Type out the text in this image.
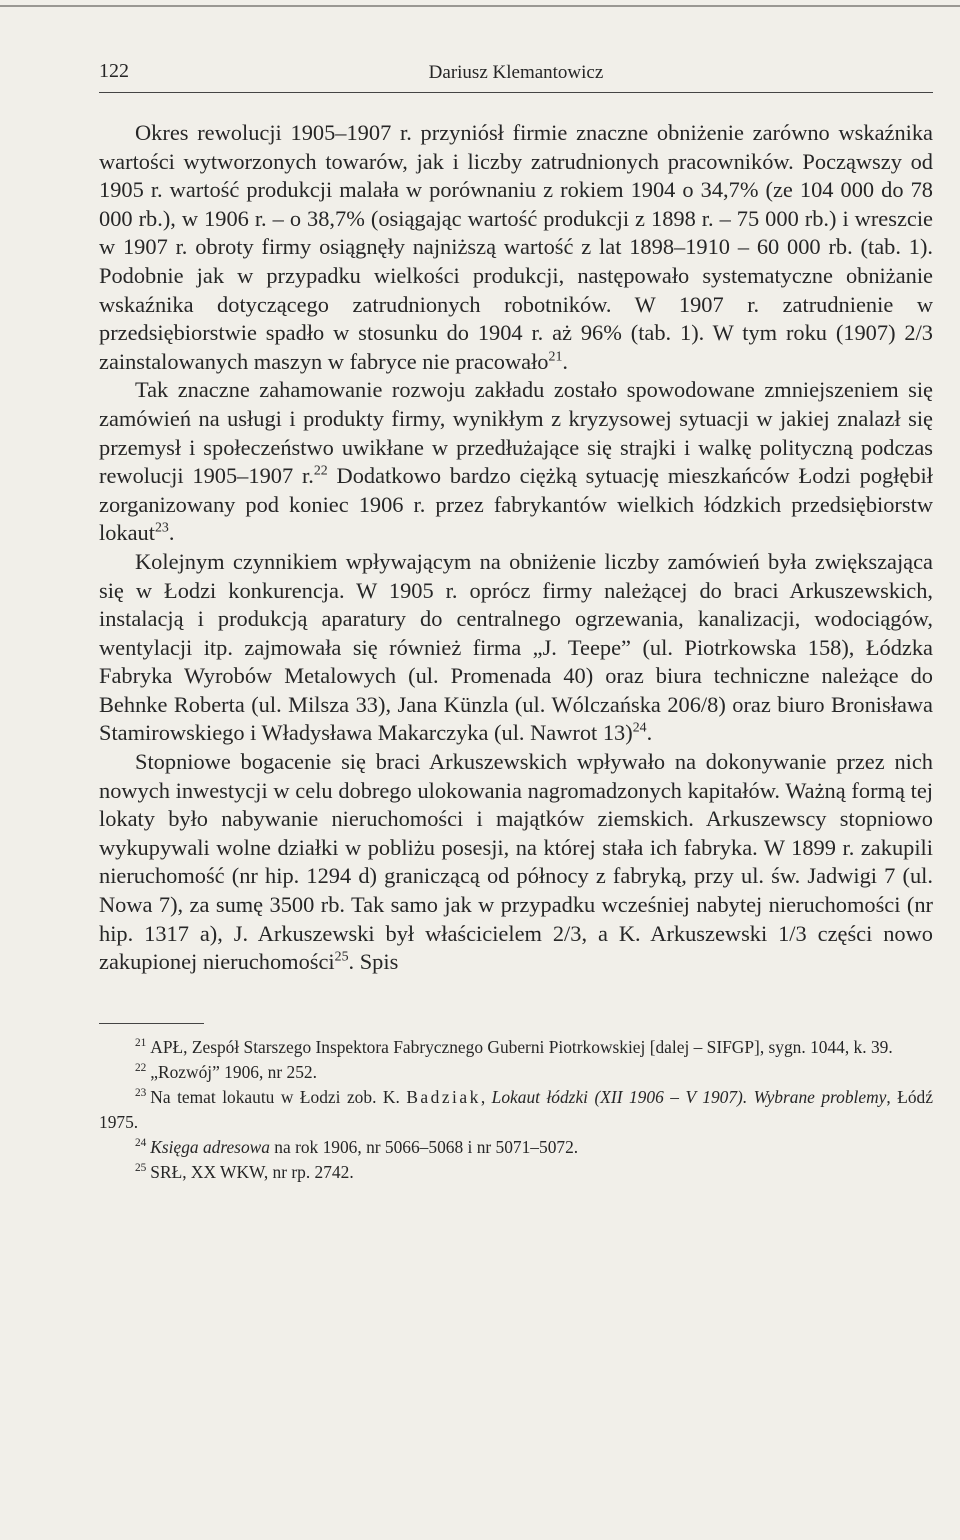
122	Dariusz Klemantowicz

Okres rewolucji 1905–1907 r. przyniósł firmie znaczne obniżenie zarówno wskaźnika wartości wytworzonych towarów, jak i liczby zatrudnionych pracowników. Począwszy od 1905 r. wartość produkcji malała w porównaniu z rokiem 1904 o 34,7% (ze 104 000 do 78 000 rb.), w 1906 r. – o 38,7% (osiągając wartość produkcji z 1898 r. – 75 000 rb.) i wreszcie w 1907 r. obroty firmy osiągnęły najniższą wartość z lat 1898–1910 – 60 000 rb. (tab. 1). Podobnie jak w przypadku wielkości produkcji, następowało systematyczne obniżanie wskaźnika dotyczącego zatrudnionych robotników. W 1907 r. zatrudnienie w przedsiębiorstwie spadło w stosunku do 1904 r. aż 96% (tab. 1). W tym roku (1907) 2/3 zainstalowanych maszyn w fabryce nie pracowało$^{21}$.

Tak znaczne zahamowanie rozwoju zakładu zostało spowodowane zmniejszeniem się zamówień na usługi i produkty firmy, wynikłym z kryzysowej sytuacji w jakiej znalazł się przemysł i społeczeństwo uwikłane w przedłużające się strajki i walkę polityczną podczas rewolucji 1905–1907 r.$^{22}$ Dodatkowo bardzo ciężką sytuację mieszkańców Łodzi pogłębił zorganizowany pod koniec 1906 r. przez fabrykantów wielkich łódzkich przedsiębiorstw lokaut$^{23}$.

Kolejnym czynnikiem wpływającym na obniżenie liczby zamówień była zwiększająca się w Łodzi konkurencja. W 1905 r. oprócz firmy należącej do braci Arkuszewskich, instalacją i produkcją aparatury do centralnego ogrzewania, kanalizacji, wodociągów, wentylacji itp. zajmowała się również firma „J. Teepe” (ul. Piotrkowska 158), Łódzka Fabryka Wyrobów Metalowych (ul. Promenada 40) oraz biura techniczne należące do Behnke Roberta (ul. Milsza 33), Jana Künzla (ul. Wólczańska 206/8) oraz biuro Bronisława Stamirowskiego i Władysława Makarczyka (ul. Nawrot 13)$^{24}$.

Stopniowe bogacenie się braci Arkuszewskich wpływało na dokonywanie przez nich nowych inwestycji w celu dobrego ulokowania nagromadzonych kapitałów. Ważną formą tej lokaty było nabywanie nieruchomości i majątków ziemskich. Arkuszewscy stopniowo wykupywali wolne działki w pobliżu posesji, na której stała ich fabryka. W 1899 r. zakupili nieruchomość (nr hip. 1294 d) graniczącą od północy z fabryką, przy ul. św. Jadwigi 7 (ul. Nowa 7), za sumę 3500 rb. Tak samo jak w przypadku wcześniej nabytej nieruchomości (nr hip. 1317 a), J. Arkuszewski był właścicielem 2/3, a K. Arkuszewski 1/3 części nowo zakupionej nieruchomości$^{25}$. Spis

$^{21}$ APŁ, Zespół Starszego Inspektora Fabrycznego Guberni Piotrkowskiej [dalej – SIFGP], sygn. 1044, k. 39.

$^{22}$ „Rozwój” 1906, nr 252.

$^{23}$ Na temat lokautu w Łodzi zob. K. Badziak, Lokaut łódzki (XII 1906 – V 1907). Wybrane problemy, Łódź 1975.

$^{24}$ Księga adresowa na rok 1906, nr 5066–5068 i nr 5071–5072.

$^{25}$ SRŁ, XX WKW, nr rp. 2742.
